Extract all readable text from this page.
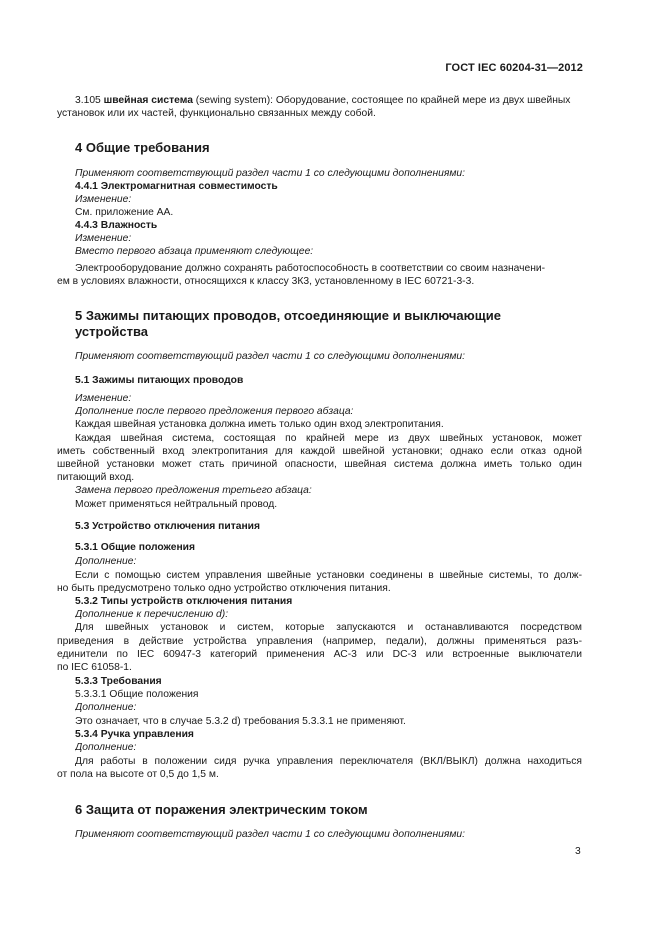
ГОСТ IEC 60204-31—2012
3.105 швейная система (sewing system): Оборудование, состоящее по крайней мере из двух швейных
установок или их частей, функционально связанных между собой.
4 Общие требования
Применяют соответствующий раздел части 1 со следующими дополнениями:
4.4.1 Электромагнитная совместимость
Изменение:
См. приложение АА.
4.4.3 Влажность
Изменение:
Вместо первого абзаца применяют следующее:
Электрооборудование должно сохранять работоспособность в соответствии со своим назначени-
ем в условиях влажности, относящихся к классу 3К3, установленному в IEC 60721-3-3.
5 Зажимы питающих проводов, отсоединяющие и выключающие
устройства
Применяют соответствующий раздел части 1 со следующими дополнениями:
5.1 Зажимы питающих проводов
Изменение:
Дополнение после первого предложения первого абзаца:
Каждая швейная установка должна иметь только один вход электропитания.
Каждая швейная система, состоящая по крайней мере из двух швейных установок, может
иметь собственный вход электропитания для каждой швейной установки; однако если отказ одной
швейной установки может стать причиной опасности, швейная система должна иметь только один
питающий вход.
Замена первого предложения третьего абзаца:
Может применяться нейтральный провод.
5.3 Устройство отключения питания
5.3.1 Общие положения
Дополнение:
Если с помощью систем управления швейные установки соединены в швейные системы, то долж-
но быть предусмотрено только одно устройство отключения питания.
5.3.2 Типы устройств отключения питания
Дополнение к перечислению d):
Для швейных установок и систем, которые запускаются и останавливаются посредством
приведения в действие устройства управления (например, педали), должны применяться разъ-
единители по IEC 60947-3 категорий применения АС-3 или DC-3 или встроенные выключатели
по IEC 61058-1.
5.3.3 Требования
5.3.3.1 Общие положения
Дополнение:
Это означает, что в случае 5.3.2 d) требования 5.3.3.1 не применяют.
5.3.4 Ручка управления
Дополнение:
Для работы в положении сидя ручка управления переключателя (ВКЛ/ВЫКЛ) должна находиться
от пола на высоте от 0,5 до 1,5 м.
6 Защита от поражения электрическим током
Применяют соответствующий раздел части 1 со следующими дополнениями:
3
